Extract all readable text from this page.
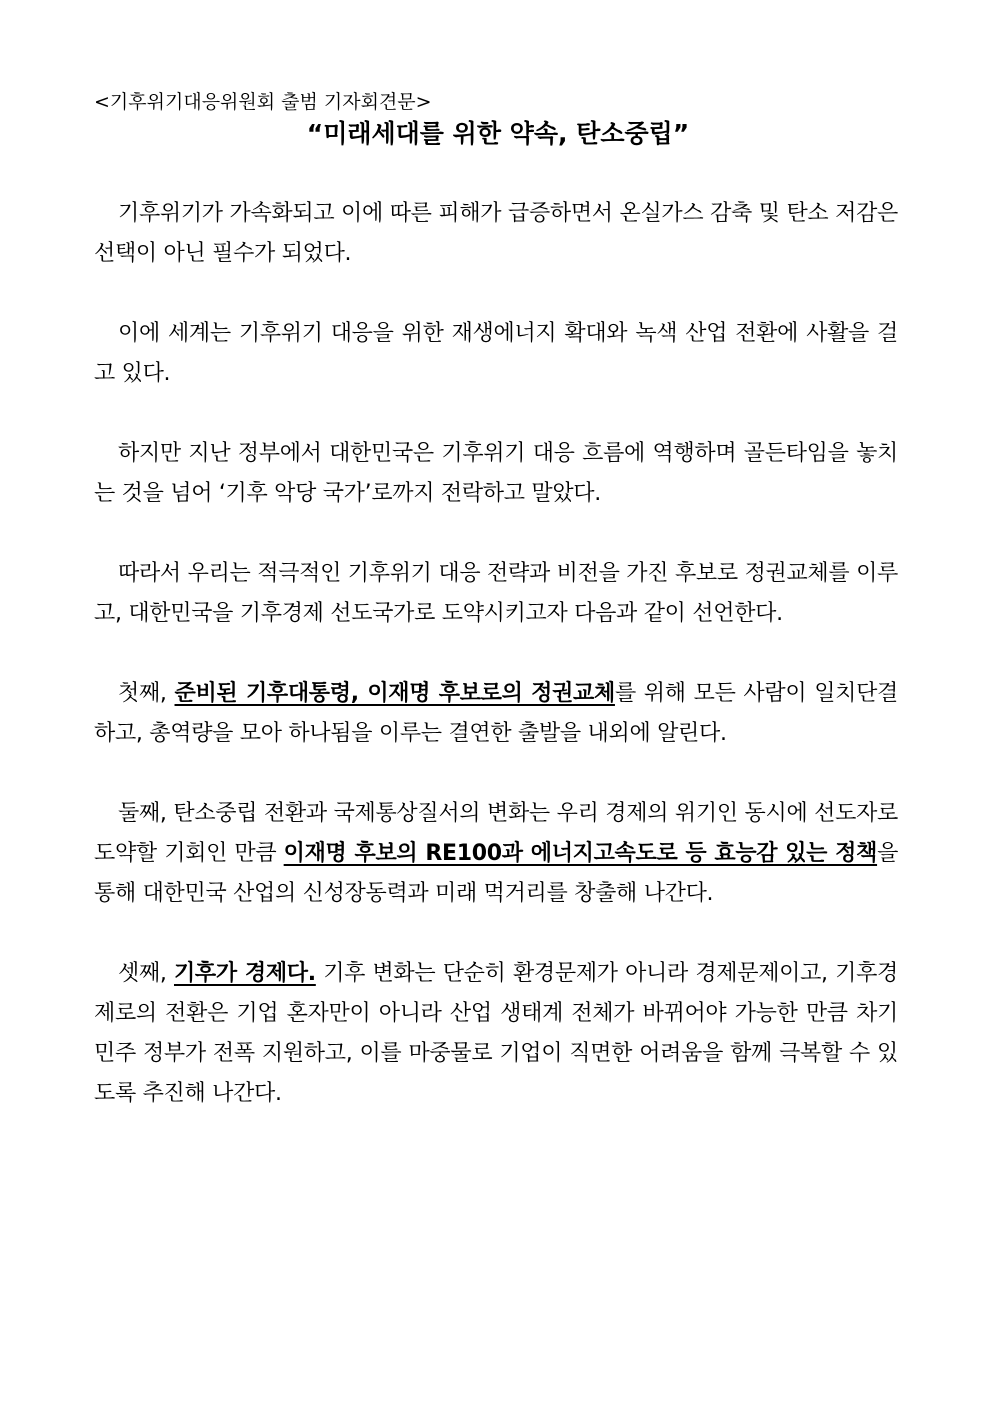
<기후위기대응위원회 출범 기자회견문>

“미래세대를 위한 약속, 탄소중립”

기후위기가 가속화되고 이에 따른 피해가 급증하면서 온실가스 감축 및 탄소 저감은 선택이 아닌 필수가 되었다.

이에 세계는 기후위기 대응을 위한 재생에너지 확대와 녹색 산업 전환에 사활을 걸고 있다.

하지만 지난 정부에서 대한민국은 기후위기 대응 흐름에 역행하며 골든타임을 놓치는 것을 넘어 ‘기후 악당 국가’로까지 전락하고 말았다.

따라서 우리는 적극적인 기후위기 대응 전략과 비전을 가진 후보로 정권교체를 이루고, 대한민국을 기후경제 선도국가로 도약시키고자 다음과 같이 선언한다.

첫째, 준비된 기후대통령, 이재명 후보로의 정권교체를 위해 모든 사람이 일치단결하고, 총역량을 모아 하나됨을 이루는 결연한 출발을 내외에 알린다.

둘째, 탄소중립 전환과 국제통상질서의 변화는 우리 경제의 위기인 동시에 선도자로 도약할 기회인 만큼 이재명 후보의 RE100과 에너지고속도로 등 효능감 있는 정책을 통해 대한민국 산업의 신성장동력과 미래 먹거리를 창출해 나간다.

셋째, 기후가 경제다. 기후 변화는 단순히 환경문제가 아니라 경제문제이고, 기후경제로의 전환은 기업 혼자만이 아니라 산업 생태계 전체가 바뀌어야 가능한 만큼 차기 민주 정부가 전폭 지원하고, 이를 마중물로 기업이 직면한 어려움을 함께 극복할 수 있도록 추진해 나간다.
